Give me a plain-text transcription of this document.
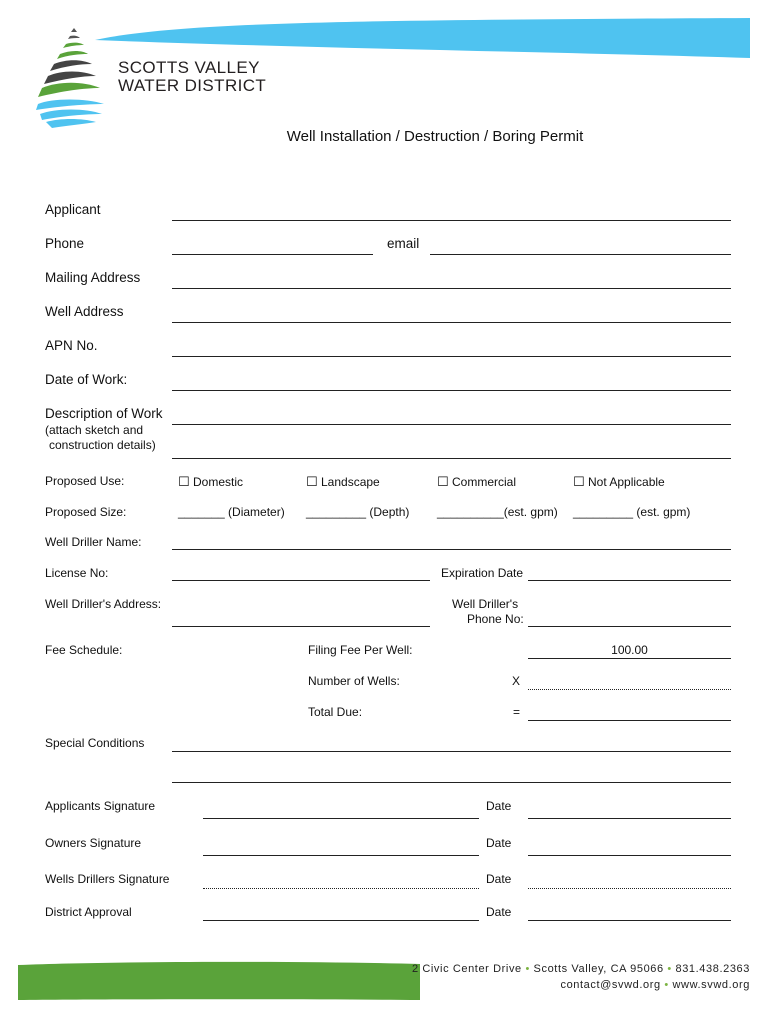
SCOTTS VALLEY
WATER DISTRICT
Well Installation / Destruction / Boring Permit
Applicant
Phone	email
Mailing Address
Well Address
APN No.
Date of Work:
Description of Work
(attach sketch and
construction details)
Proposed Use:	☐ Domestic	☐ Landscape	☐ Commercial	☐ Not Applicable
Proposed Size:	_______ (Diameter) _________ (Depth) __________(est. gpm) _________ (est. gpm)
Well Driller Name:
License No:	Expiration Date
Well Driller's Address:	Well Driller's
Phone No:
Fee Schedule:	Filing Fee Per Well:	100.00
Number of Wells:	X
Total Due:	=
Special Conditions
Applicants Signature	Date
Owners Signature	Date
Wells Drillers Signature	Date
District Approval	Date
2 Civic Center Drive • Scotts Valley, CA 95066 • 831.438.2363
contact@svwd.org • www.svwd.org
